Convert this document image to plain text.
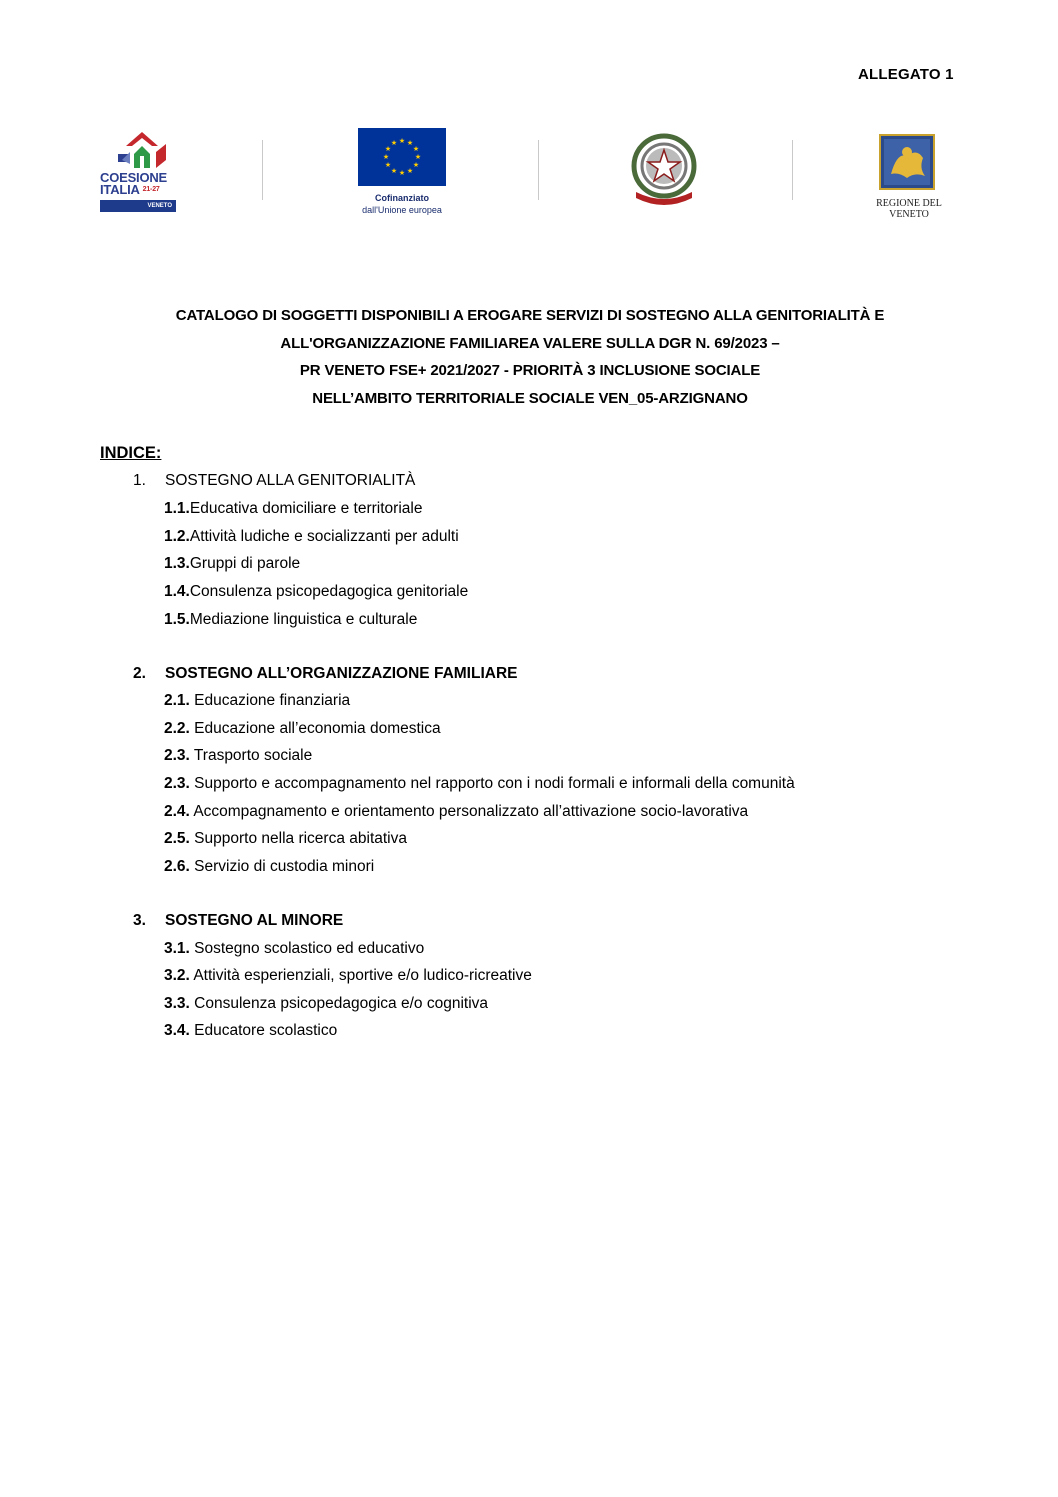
ALLEGATO 1
COESIONE
ITALIA $^{21-27}$
VENETO
★ ★
★
★
★
★
★
★
★
★
★
★
Cofinanziato
dall'Unione europea
REGIONE DEL VENETO
CATALOGO DI SOGGETTI DISPONIBILI A EROGARE SERVIZI DI SOSTEGNO ALLA GENITORIALITÀ E
ALL'ORGANIZZAZIONE FAMILIAREA VALERE SULLA DGR N. 69/2023 –
PR VENETO FSE+ 2021/2027 - PRIORITÀ 3 INCLUSIONE SOCIALE
NELL’AMBITO TERRITORIALE SOCIALE VEN_05-ARZIGNANO
INDICE:
1. SOSTEGNO ALLA GENITORIALITÀ
1.1.Educativa domiciliare e territoriale
1.2.Attività ludiche e socializzanti per adulti
1.3.Gruppi di parole
1.4.Consulenza psicopedagogica genitoriale
1.5.Mediazione linguistica e culturale
2. SOSTEGNO ALL’ORGANIZZAZIONE FAMILIARE
2.1. Educazione finanziaria
2.2. Educazione all’economia domestica
2.3. Trasporto sociale
2.3. Supporto e accompagnamento nel rapporto con i nodi formali e informali della comunità
2.4. Accompagnamento e orientamento personalizzato all’attivazione socio-lavorativa
2.5. Supporto nella ricerca abitativa
2.6. Servizio di custodia minori
3. SOSTEGNO AL MINORE
3.1. Sostegno scolastico ed educativo
3.2. Attività esperienziali, sportive e/o ludico-ricreative
3.3. Consulenza psicopedagogica e/o cognitiva
3.4. Educatore scolastico
